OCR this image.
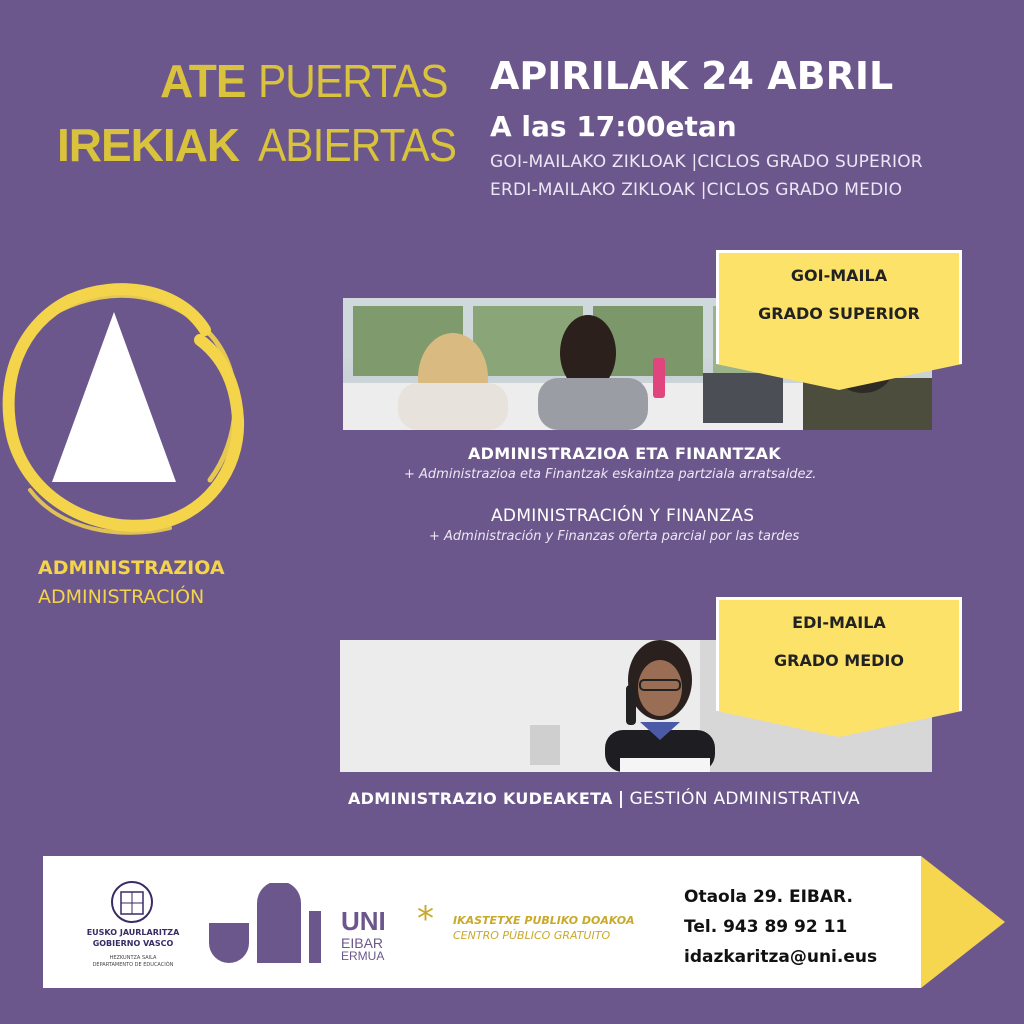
ATE PUERTAS
IREKIAK ABIERTAS
APIRILAK 24 ABRIL
A las 17:00etan
GOI-MAILAKO ZIKLOAK |CICLOS GRADO SUPERIOR
ERDI-MAILAKO ZIKLOAK |CICLOS GRADO MEDIO
ADMINISTRAZIOA
ADMINISTRACIÓN
GOI-MAILA
GRADO SUPERIOR
ADMINISTRAZIOA ETA FINANTZAK
+ Administrazioa eta Finantzak eskaintza partziala arratsaldez.
ADMINISTRACIÓN Y FINANZAS
+ Administración y Finanzas oferta parcial por las tardes
EDI-MAILA
GRADO MEDIO
ADMINISTRAZIO KUDEAKETA | GESTIÓN ADMINISTRATIVA
EUSKO JAURLARITZA
GOBIERNO VASCO
HEZKUNTZA SAILA
DEPARTAMENTO DE EDUCACIÓN
UNI
EIBAR
ERMUA
* IKASTETXE PUBLIKO DOAKOA
CENTRO PÚBLICO GRATUITO
Otaola 29. EIBAR.
Tel. 943 89 92 11
idazkaritza@uni.eus
